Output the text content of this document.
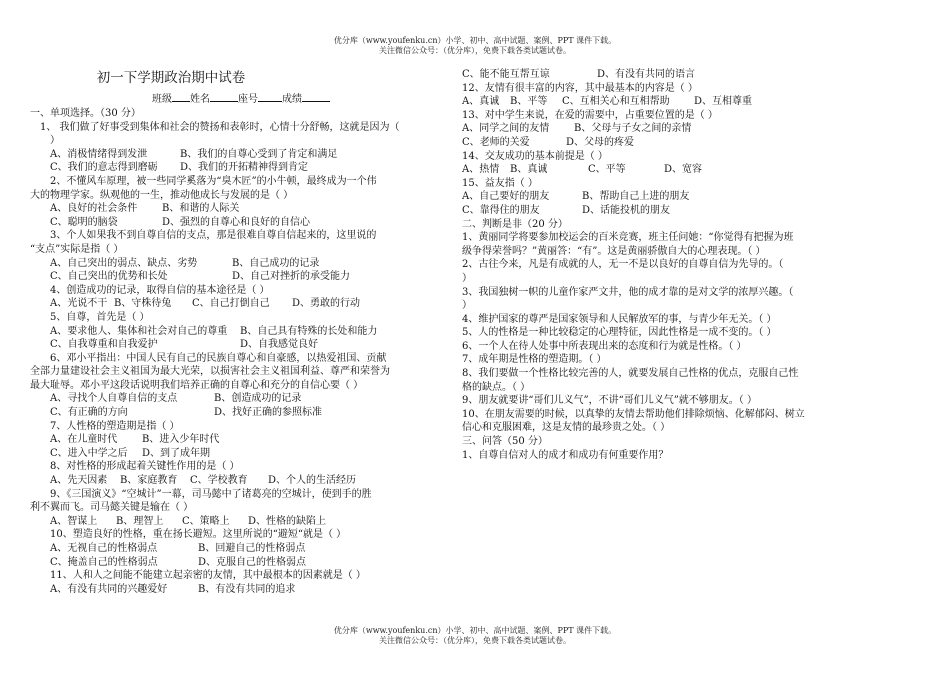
优分库（www.youfenku.cn）小学、初中、高中试题、案例、PPT 课件下载。
关注微信公众号：（优分库），免费下载各类试题试卷。
初一下学期政治期中试卷
班级 姓名	座号 成绩
一、单项选择。（30 分）
1、 我们做了好事受到集体和社会的赞扬和表彰时，心情十分舒畅，这就是因为（
）
A、消极情绪得到发泄	B、我们的自尊心受到了肯定和满足
C、我们的意志得到磨砺 D、我们的开拓精神得到肯定
2、不懂风车原理，被一些同学奚落为“臭木匠”的小牛顿，最终成为一个伟
大的物理学家。纵观他的一生，推动他成长与发展的是（ ）
A、良好的社会条件 B、和谐的人际关
C、聪明的脑袋	D、强烈的自尊心和良好的自信心
3、个人如果我不到自尊自信的支点，那是很难自尊自信起来的，这里说的
“支点”实际是指（ ）
A、自己突出的弱点、缺点、劣势	B、自己成功的记录
C、自己突出的优势和长处	D、自己对挫折的承受能力
4、创造成功的记录，取得自信的基本途径是（ ）
A、光说不干 B、守株待兔 C、自己打倒自己 D、勇敢的行动
5、自尊，首先是（ ）
A、要求他人、集体和社会对自己的尊重 B、自己具有特殊的长处和能力
C、自我尊重和自我爱护	D、自我感觉良好
6、邓小平指出：中国人民有自己的民族自尊心和自豪感，以热爱祖国、贡献
全部力量建设社会主义祖国为最大光荣，以损害社会主义祖国利益、尊严和荣誉为
最大耻辱。邓小平这段话说明我们培养正确的自尊心和充分的自信心要（ ）
A、寻找个人自尊自信的支点	B、创造成功的记录
C、有正确的方向	D、找好正确的参照标准
7、人性格的塑造期是指（ ）
A、在儿童时代 B、进入少年时代
C、进入中学之后 D、到了成年期
8、对性格的形成起着关键性作用的是（ ）
A、先天因素 B、家庭教育 C、学校教育 D、个人的生活经历
9、《三国演义》“空城计”一幕，司马懿中了诸葛亮的空城计，使到手的胜
利不翼而飞。司马懿关键是输在（ ）
A、智谋上 B、理智上 C、策略上 D、性格的缺陷上
10、塑造良好的性格，重在扬长避短。这里所说的“避短“就是（ ）
A、无视自己的性格弱点	B、回避自己的性格弱点
C、掩盖自己的性格弱点	D、克服自己的性格弱点
11、人和人之间能不能建立起亲密的友情，其中最根本的因素就是（ ）
A、有没有共同的兴趣爱好	B、有没有共同的追求
C、能不能互帮互谅	D、有没有共同的语言
12、友情有很丰富的内容，其中最基本的内容是（ ）
A、真诚 B、平等 C、互相关心和互相帮助 D、互相尊重
13、对中学生来说，在爱的需要中，占重要位置的是（ ）
A、同学之间的友情 B、父母与子女之间的亲情
C、老师的关爱	D、父母的疼爱
14、交友成功的基本前提是（ ）
A、热情 B、真诚	C、平等	D、宽容
15、益友指（ ）
A、自己要好的朋友	B、帮助自己上进的朋友
C、靠得住的朋友	D、话能投机的朋友
二、判断是非（20 分）
1、黄丽同学将要参加校运会的百米竞赛，班主任问她：“你觉得有把握为班
级争得荣誉吗？”黄丽答：“有”。这是黄丽骄傲自大的心理表现。（ ）
2、古往今来，凡是有成就的人，无一不是以良好的自尊自信为先导的。（
）
3、我国独树一帜的儿童作家严文井，他的成才靠的是对文学的浓厚兴趣。（
）
4、维护国家的尊严是国家领导和人民解放军的事，与青少年无关。（ ）
5、人的性格是一种比较稳定的心理特征，因此性格是一成不变的。（ ）
6、一个人在待人处事中所表现出来的态度和行为就是性格。（ ）
7、成年期是性格的塑造期。（ ）
8、我们要做一个性格比较完善的人，就要发展自己性格的优点，克服自己性
格的缺点。（ ）
9、朋友就要讲“哥们儿义气”，不讲“哥们儿义气”就不够朋友。（ ）
10、在朋友需要的时候，以真挚的友情去帮助他们排除烦恼、化解郁闷、树立
信心和克服困难，这是友情的最珍贵之处。（ ）
三、问答（50 分）
1、自尊自信对人的成才和成功有何重要作用？
优分库（www.youfenku.cn）小学、初中、高中试题、案例、PPT 课件下载。
关注微信公众号：（优分库），免费下载各类试题试卷。
